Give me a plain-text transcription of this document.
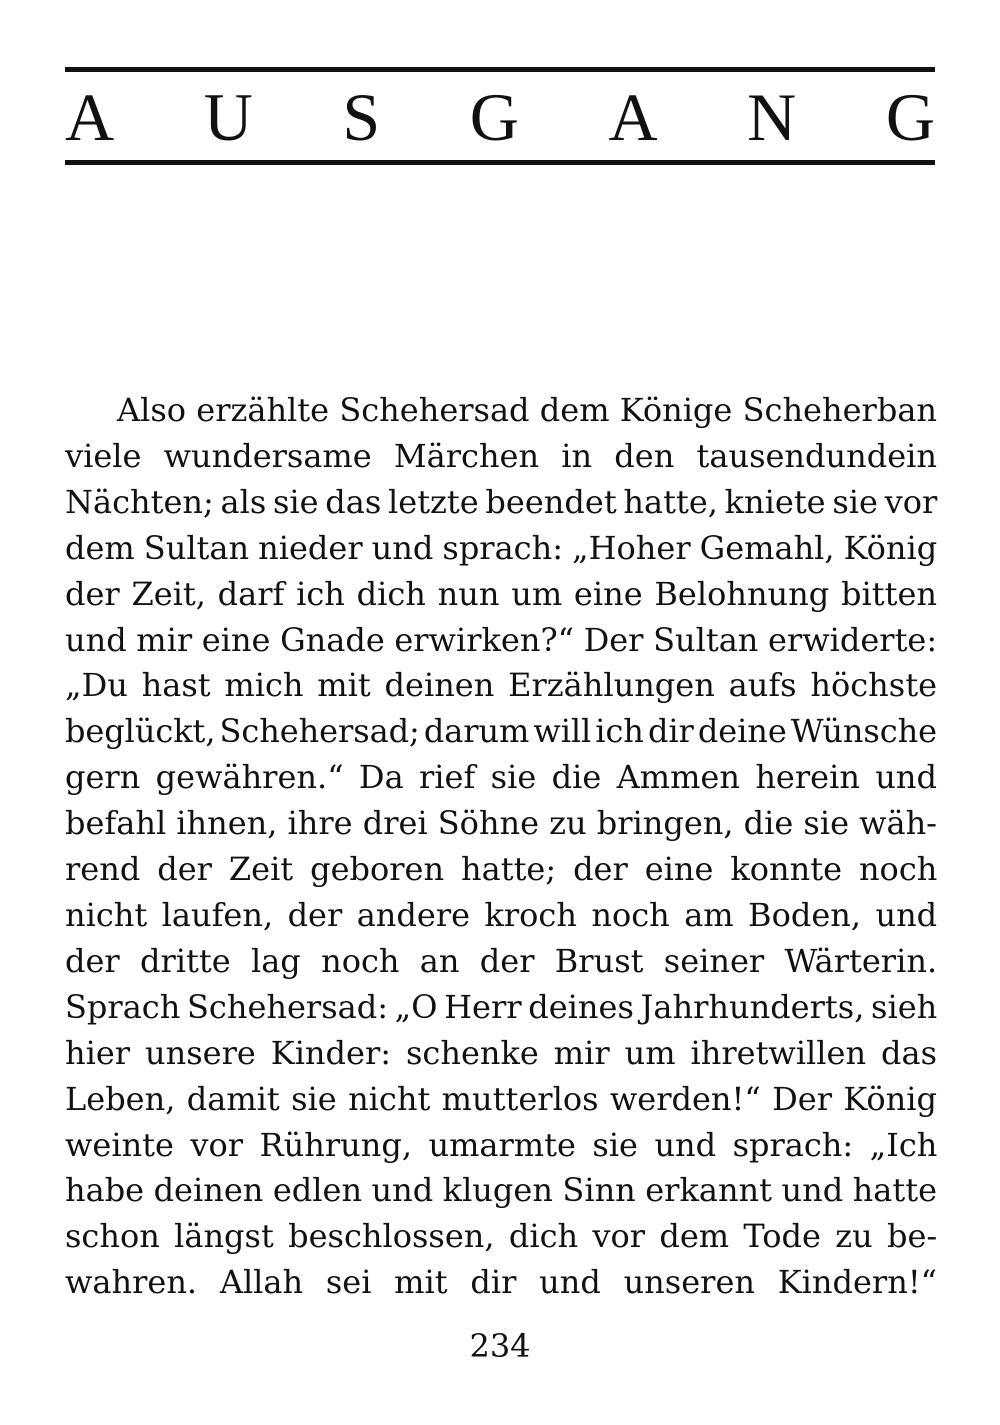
A U S G A N G

Also erzählte Schehersad dem Könige Scheherban
viele wundersame Märchen in den tausendundein
Nächten; als sie das letzte beendet hatte, kniete sie vor
dem Sultan nieder und sprach: „Hoher Gemahl, König
der Zeit, darf ich dich nun um eine Belohnung bitten
und mir eine Gnade erwirken?“ Der Sultan erwiderte:
„Du hast mich mit deinen Erzählungen aufs höchste
beglückt, Schehersad; darum will ich dir deine Wünsche
gern gewähren.“ Da rief sie die Ammen herein und
befahl ihnen, ihre drei Söhne zu bringen, die sie wäh-
rend der Zeit geboren hatte; der eine konnte noch
nicht laufen, der andere kroch noch am Boden, und
der dritte lag noch an der Brust seiner Wärterin.
Sprach Schehersad: „O Herr deines Jahrhunderts, sieh
hier unsere Kinder: schenke mir um ihretwillen das
Leben, damit sie nicht mutterlos werden!“ Der König
weinte vor Rührung, umarmte sie und sprach: „Ich
habe deinen edlen und klugen Sinn erkannt und hatte
schon längst beschlossen, dich vor dem Tode zu be-
wahren. Allah sei mit dir und unseren Kindern!“

234
